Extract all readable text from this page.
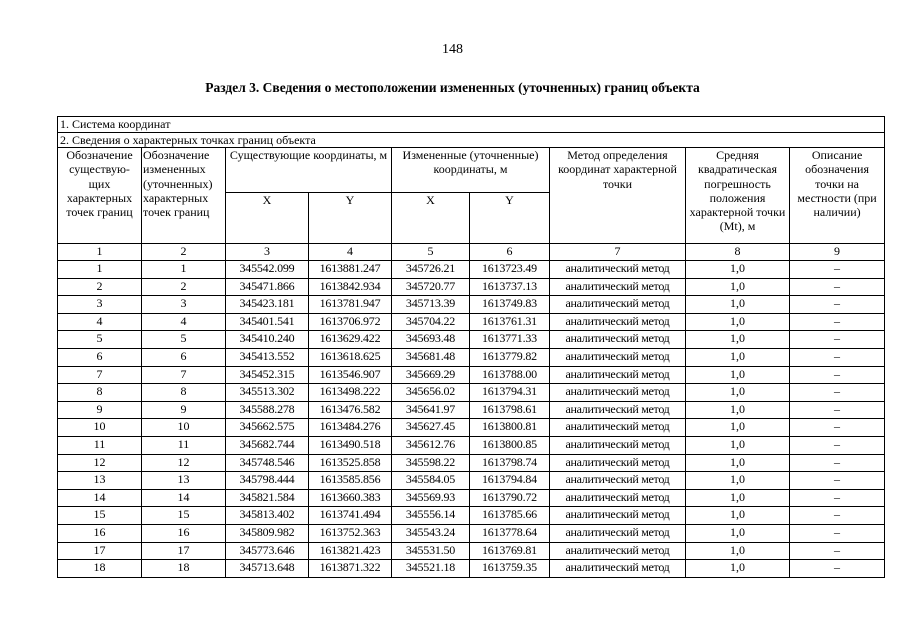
148
Раздел 3. Сведения о местоположении измененных (уточненных) границ объекта
1. Система координат								
2. Сведения о характерных точках границ объекта								
Обозначение существую-щих характерных точек границ	Обозначение измененных (уточненных) характерных точек границ	Существующие координаты, м		Измененные (уточненные) координаты, м		Метод определения координат характерной точки	Средняя квадратическая погрешность положения характерной точки (Mt), м	Описание обозначения точки на местности (при наличии)
		X	Y	X	Y			
1	2	3	4	5	6	7	8	9
1	1	345542.099	1613881.247	345726.21	1613723.49	аналитический метод	1,0	–
2	2	345471.866	1613842.934	345720.77	1613737.13	аналитический метод	1,0	–
3	3	345423.181	1613781.947	345713.39	1613749.83	аналитический метод	1,0	–
4	4	345401.541	1613706.972	345704.22	1613761.31	аналитический метод	1,0	–
5	5	345410.240	1613629.422	345693.48	1613771.33	аналитический метод	1,0	–
6	6	345413.552	1613618.625	345681.48	1613779.82	аналитический метод	1,0	–
7	7	345452.315	1613546.907	345669.29	1613788.00	аналитический метод	1,0	–
8	8	345513.302	1613498.222	345656.02	1613794.31	аналитический метод	1,0	–
9	9	345588.278	1613476.582	345641.97	1613798.61	аналитический метод	1,0	–
10	10	345662.575	1613484.276	345627.45	1613800.81	аналитический метод	1,0	–
11	11	345682.744	1613490.518	345612.76	1613800.85	аналитический метод	1,0	–
12	12	345748.546	1613525.858	345598.22	1613798.74	аналитический метод	1,0	–
13	13	345798.444	1613585.856	345584.05	1613794.84	аналитический метод	1,0	–
14	14	345821.584	1613660.383	345569.93	1613790.72	аналитический метод	1,0	–
15	15	345813.402	1613741.494	345556.14	1613785.66	аналитический метод	1,0	–
16	16	345809.982	1613752.363	345543.24	1613778.64	аналитический метод	1,0	–
17	17	345773.646	1613821.423	345531.50	1613769.81	аналитический метод	1,0	–
18	18	345713.648	1613871.322	345521.18	1613759.35	аналитический метод	1,0	–
